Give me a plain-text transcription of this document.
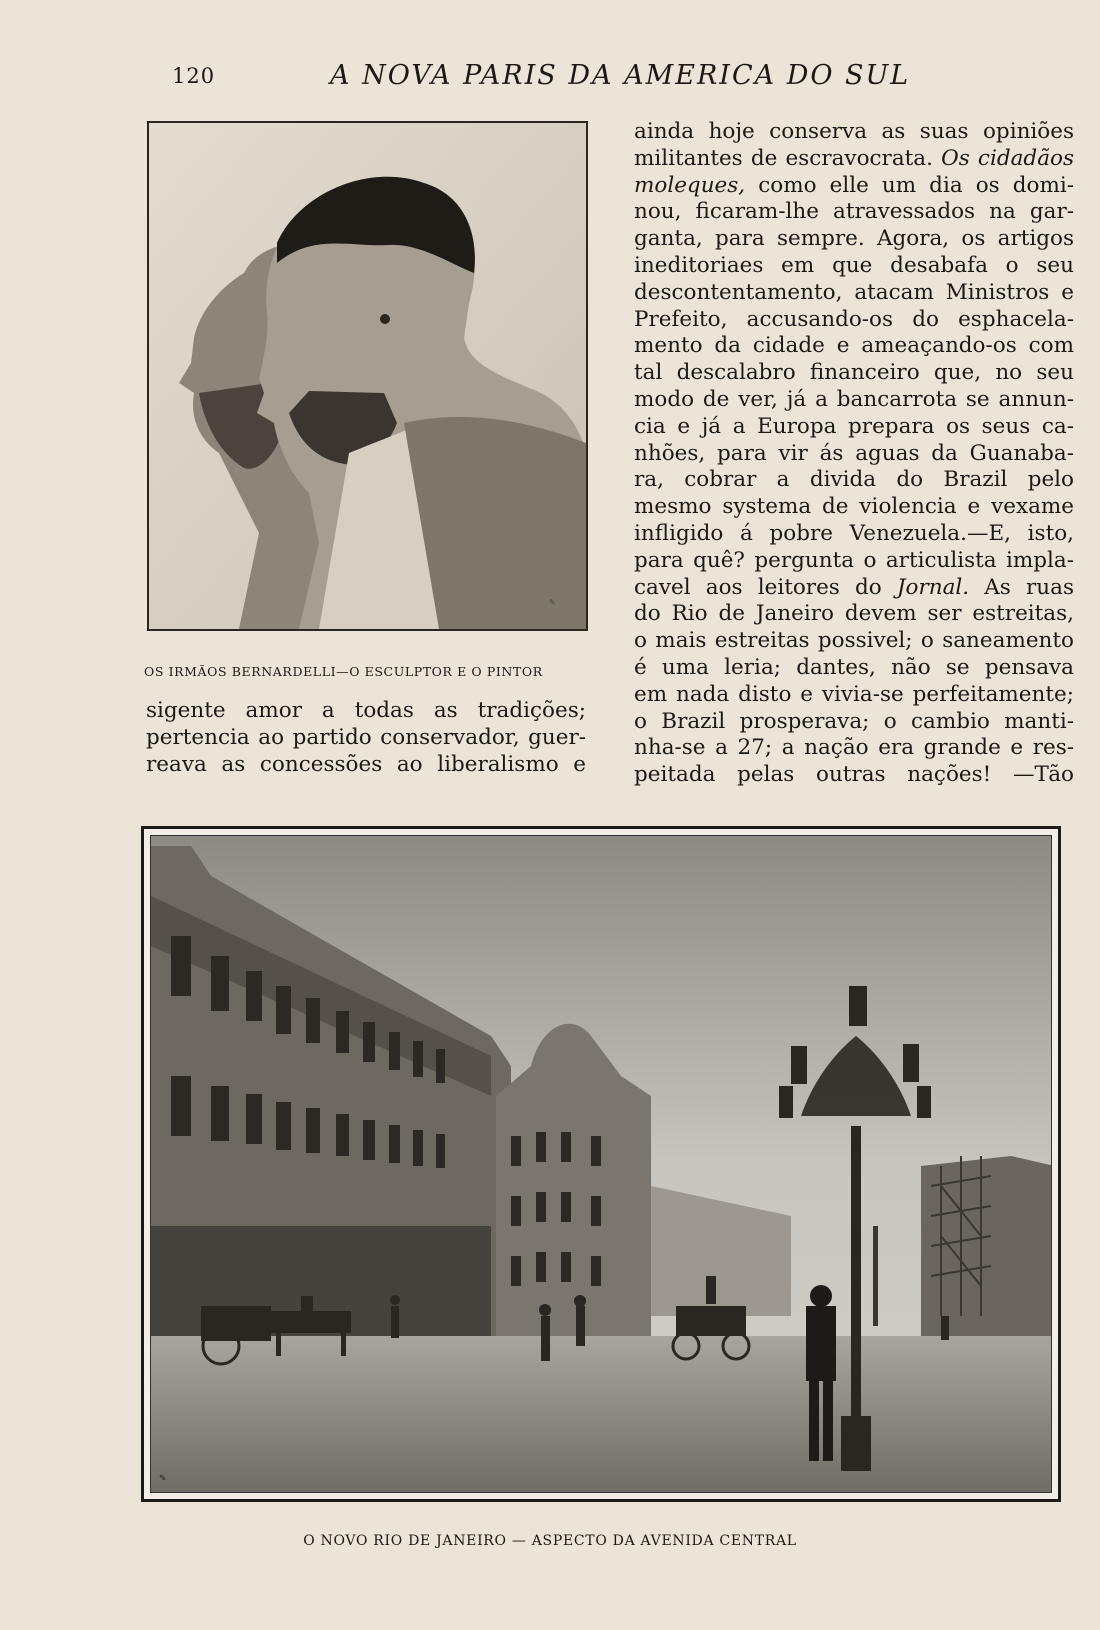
120	A NOVA PARIS DA AMERICA DO SUL
✎
OS IRMÃOS BERNARDELLI—O ESCULPTOR E O PINTOR
sigente amor a todas as tradições;
pertencia ao partido conservador, guer-
reava as concessões ao liberalismo e
ainda hoje conserva as suas opiniões
militantes de escravocrata. Os cidadãos
moleques, como elle um dia os domi-
nou, ficaram-lhe atravessados na gar-
ganta, para sempre. Agora, os artigos
ineditoriaes em que desabafa o seu
descontentamento, atacam Ministros e
Prefeito, accusando-os do esphacela-
mento da cidade e ameaçando-os com
tal descalabro financeiro que, no seu
modo de ver, já a bancarrota se annun-
cia e já a Europa prepara os seus ca-
nhões, para vir ás aguas da Guanaba-
ra, cobrar a divida do Brazil pelo
mesmo systema de violencia e vexame
infligido á pobre Venezuela.—E, isto,
para quê? pergunta o articulista impla-
cavel aos leitores do Jornal. As ruas
do Rio de Janeiro devem ser estreitas,
o mais estreitas possivel; o saneamento
é uma leria; dantes, não se pensava
em nada disto e vivia-se perfeitamente;
o Brazil prosperava; o cambio manti-
nha-se a 27; a nação era grande e res-
peitada pelas outras nações! —Tão
✎
O NOVO RIO DE JANEIRO — ASPECTO DA AVENIDA CENTRAL
